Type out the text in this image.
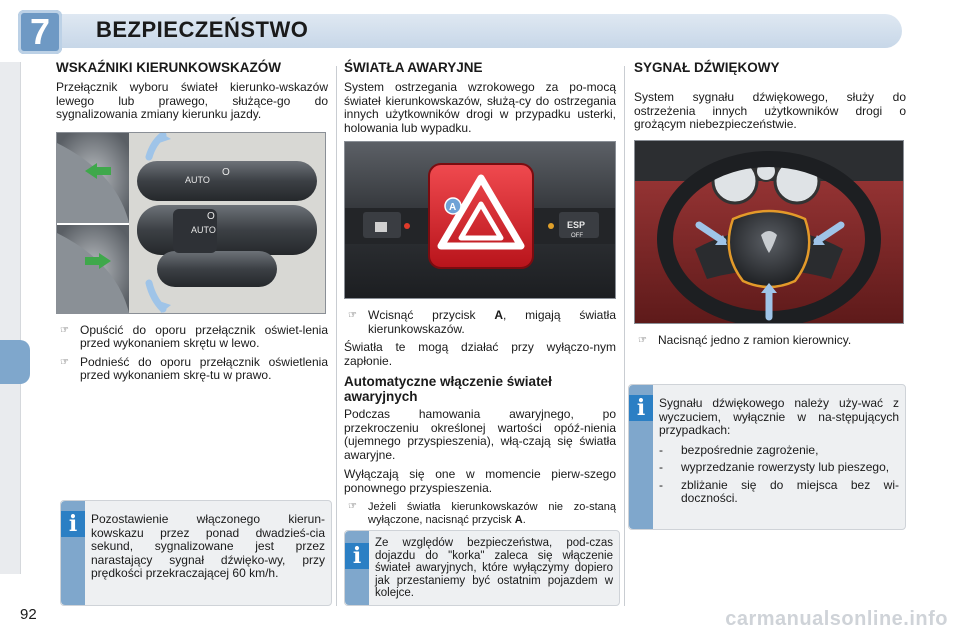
7	BEZPIECZEŃSTWO
WSKAŹNIKI KIERUNKOWSKAZÓW

Przełącznik wyboru świateł kierunko-wskazów lewego lub prawego, służące-go do sygnalizowania zmiany kierunku jazdy.

AUTO
AUTO
O
O
☞ Opuścić do oporu przełącznik oświet-lenia przed wykonaniem skrętu w lewo.
☞ Podnieść do oporu przełącznik oświetlenia przed wykonaniem skrę-tu w prawo.
i	Pozostawienie włączonego kierun-kowskazu przez ponad dwadzieś-cia sekund, sygnalizowane jest przez narastający sygnał dźwięko-wy, przy prędkości przekraczającej 60 km/h.
ŚWIATŁA AWARYJNE

System ostrzegania wzrokowego za po-mocą świateł kierunkowskazów, służą-cy do ostrzegania innych użytkowników drogi w przypadku usterki, holowania lub wypadku.

ESP
OFF
A
☞ Wcisnąć przycisk A, migają światła kierunkowskazów.

Światła te mogą działać przy wyłączo-nym zapłonie.

Automatyczne włączenie świateł awaryjnych

Podczas hamowania awaryjnego, po przekroczeniu określonej wartości opóź-nienia (ujemnego przyspieszenia), włą-czają się światła awaryjne.

Wyłączają się one w momencie pierw-szego ponownego przyspieszenia.

☞	Jeżeli światła kierunkowskazów nie zo-staną wyłączone, nacisnąć przycisk A.
i	Ze względów bezpieczeństwa, pod-czas dojazdu do "korka" zaleca się włączenie świateł awaryjnych, które wyłączymy dopiero jak przestaniemy być ostatnim pojazdem w kolejce.
SYGNAŁ DŹWIĘKOWY

System sygnału dźwiękowego, służy do ostrzeżenia innych użytkowników drogi o grożącym niebezpieczeństwie.

☞ Nacisnąć jedno z ramion kierownicy.
i	Sygnału dźwiękowego należy uży-wać z wyczuciem, wyłącznie w na-stępujących przypadkach:
-	bezpośrednie zagrożenie,
-	wyprzedzanie rowerzysty lub pieszego,
-	zbliżanie się do miejsca bez wi-doczności.
92	carmanualsonline.info
